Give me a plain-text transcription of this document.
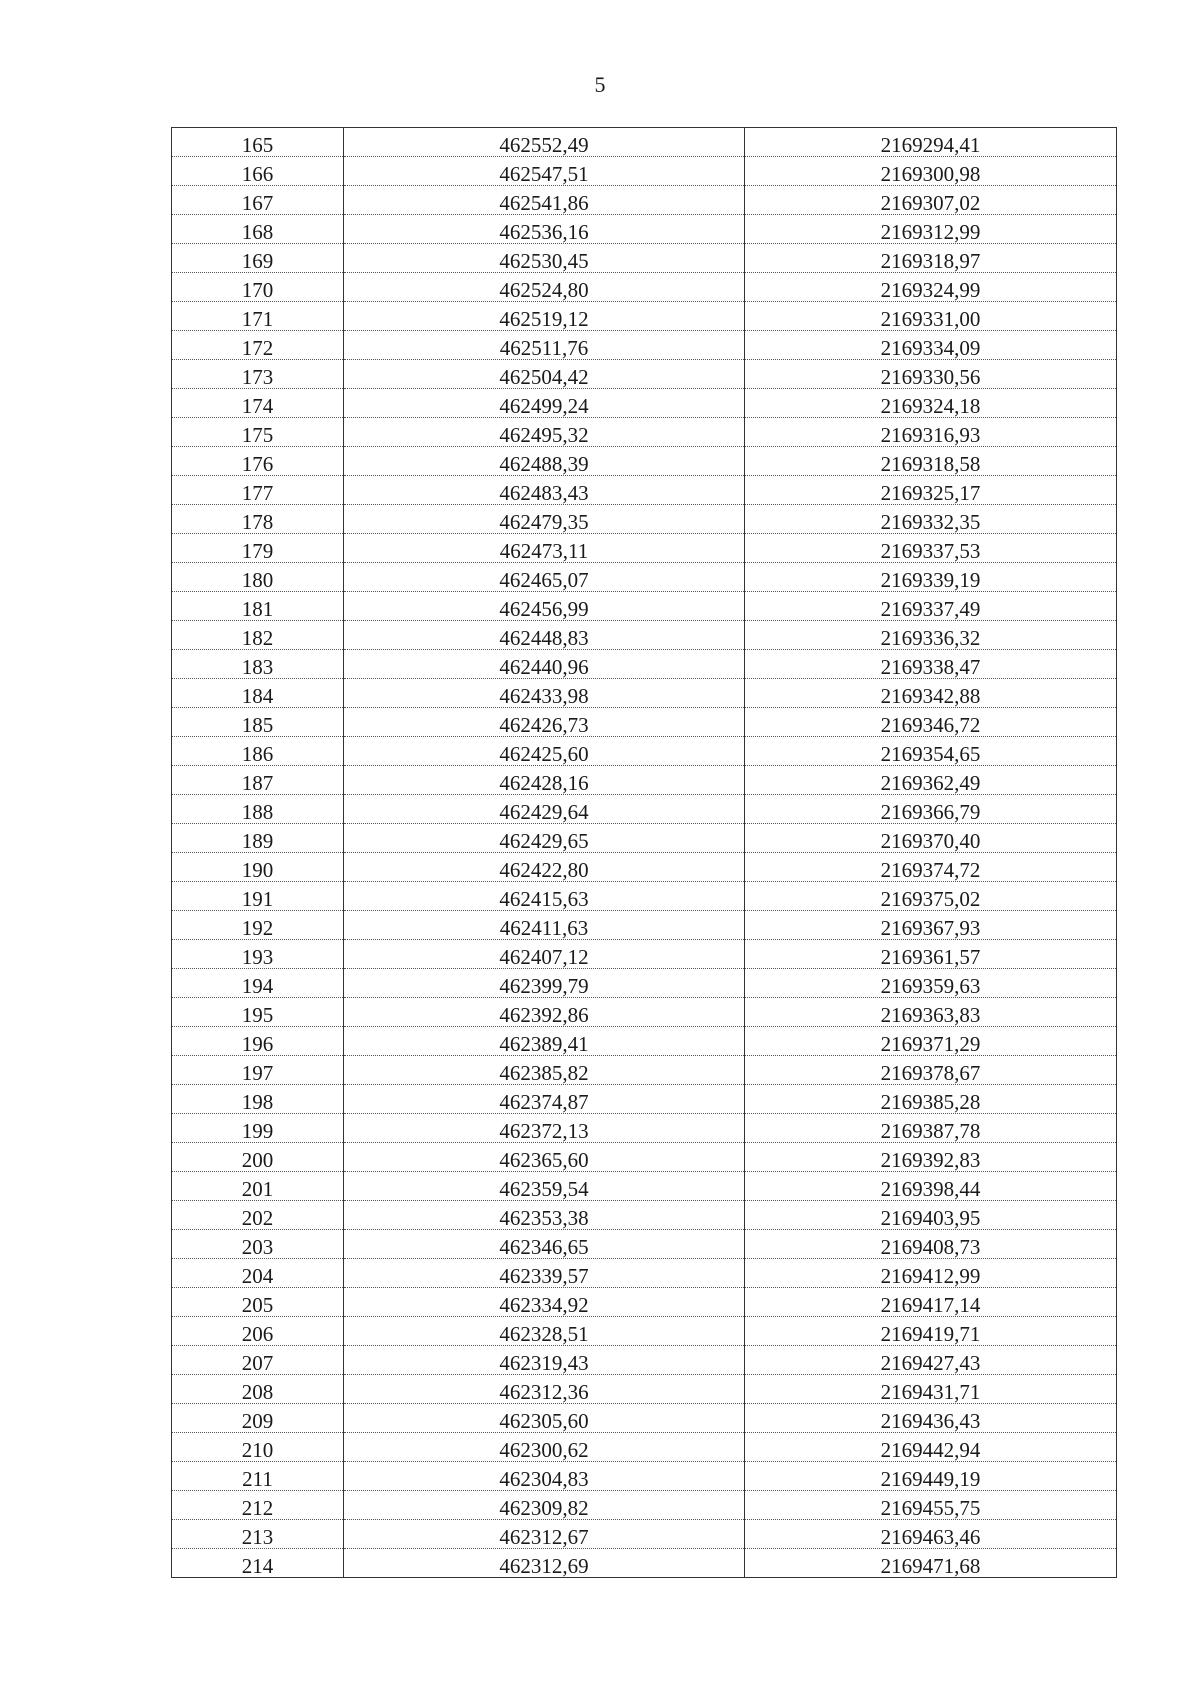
5
165	462552,49	2169294,41
166	462547,51	2169300,98
167	462541,86	2169307,02
168	462536,16	2169312,99
169	462530,45	2169318,97
170	462524,80	2169324,99
171	462519,12	2169331,00
172	462511,76	2169334,09
173	462504,42	2169330,56
174	462499,24	2169324,18
175	462495,32	2169316,93
176	462488,39	2169318,58
177	462483,43	2169325,17
178	462479,35	2169332,35
179	462473,11	2169337,53
180	462465,07	2169339,19
181	462456,99	2169337,49
182	462448,83	2169336,32
183	462440,96	2169338,47
184	462433,98	2169342,88
185	462426,73	2169346,72
186	462425,60	2169354,65
187	462428,16	2169362,49
188	462429,64	2169366,79
189	462429,65	2169370,40
190	462422,80	2169374,72
191	462415,63	2169375,02
192	462411,63	2169367,93
193	462407,12	2169361,57
194	462399,79	2169359,63
195	462392,86	2169363,83
196	462389,41	2169371,29
197	462385,82	2169378,67
198	462374,87	2169385,28
199	462372,13	2169387,78
200	462365,60	2169392,83
201	462359,54	2169398,44
202	462353,38	2169403,95
203	462346,65	2169408,73
204	462339,57	2169412,99
205	462334,92	2169417,14
206	462328,51	2169419,71
207	462319,43	2169427,43
208	462312,36	2169431,71
209	462305,60	2169436,43
210	462300,62	2169442,94
211	462304,83	2169449,19
212	462309,82	2169455,75
213	462312,67	2169463,46
214	462312,69	2169471,68
